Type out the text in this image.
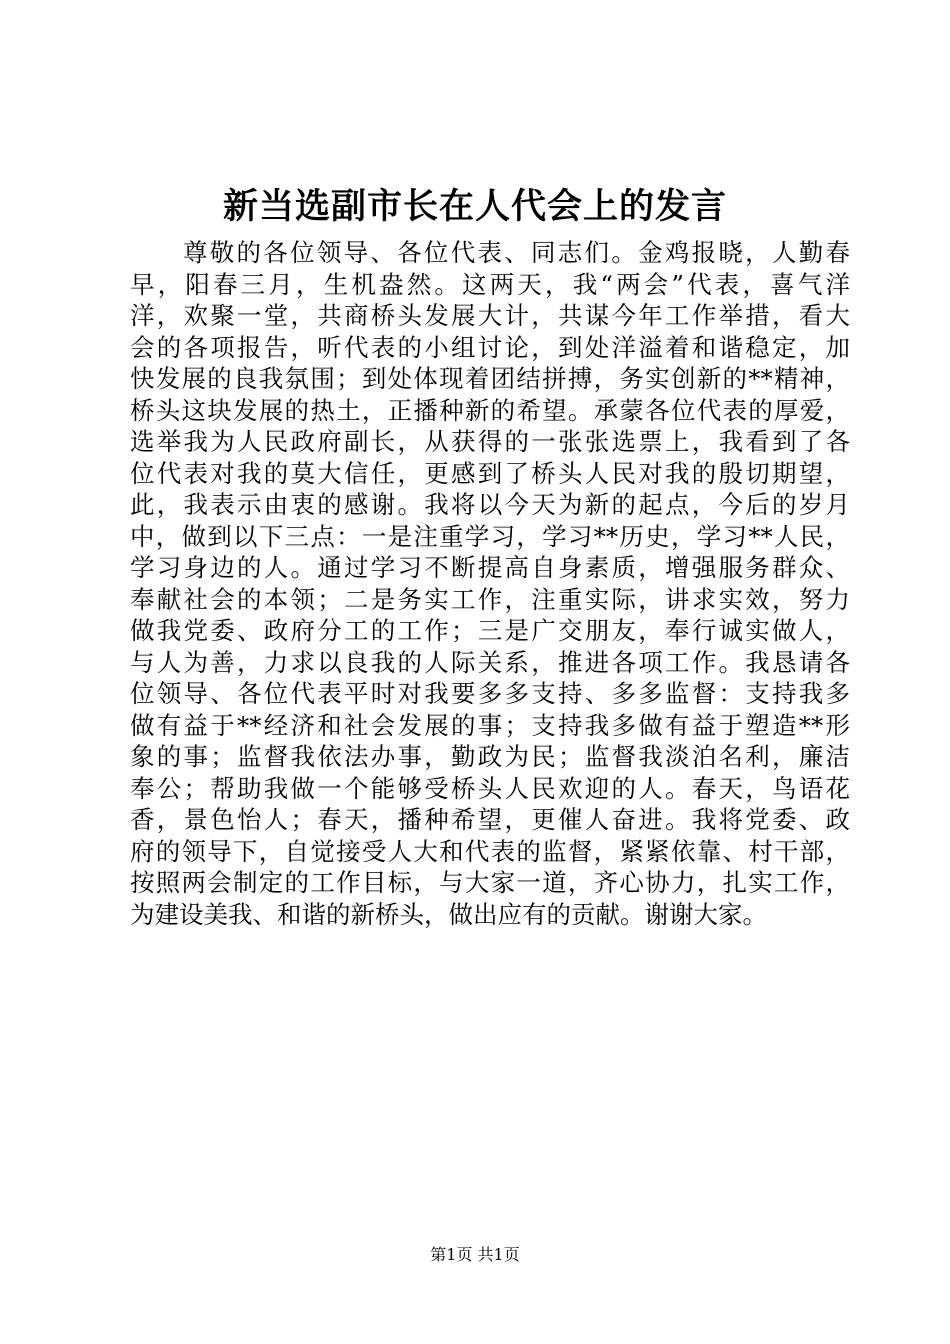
新当选副市长在人代会上的发言
尊敬的各位领导、各位代表、同志们。金鸡报晓，人勤春
早，阳春三月，生机盎然。这两天，我“两会”代表，喜气洋
洋，欢聚一堂，共商桥头发展大计，共谋今年工作举措，看大
会的各项报告，听代表的小组讨论，到处洋溢着和谐稳定，加
快发展的良我氛围；到处体现着团结拼搏，务实创新的**精神，
桥头这块发展的热土，正播种新的希望。承蒙各位代表的厚爱，
选举我为人民政府副长，从获得的一张张选票上，我看到了各
位代表对我的莫大信任，更感到了桥头人民对我的殷切期望，
此，我表示由衷的感谢。我将以今天为新的起点，今后的岁月
中，做到以下三点：一是注重学习，学习**历史，学习**人民，
学习身边的人。通过学习不断提高自身素质，增强服务群众、
奉献社会的本领；二是务实工作，注重实际，讲求实效，努力
做我党委、政府分工的工作；三是广交朋友，奉行诚实做人，
与人为善，力求以良我的人际关系，推进各项工作。我恳请各
位领导、各位代表平时对我要多多支持、多多监督：支持我多
做有益于**经济和社会发展的事；支持我多做有益于塑造**形
象的事；监督我依法办事，勤政为民；监督我淡泊名利，廉洁
奉公；帮助我做一个能够受桥头人民欢迎的人。春天，鸟语花
香，景色怡人；春天，播种希望，更催人奋进。我将党委、政
府的领导下，自觉接受人大和代表的监督，紧紧依靠、村干部，
按照两会制定的工作目标，与大家一道，齐心协力，扎实工作，
为建设美我、和谐的新桥头，做出应有的贡献。谢谢大家。
第1页 共1页
